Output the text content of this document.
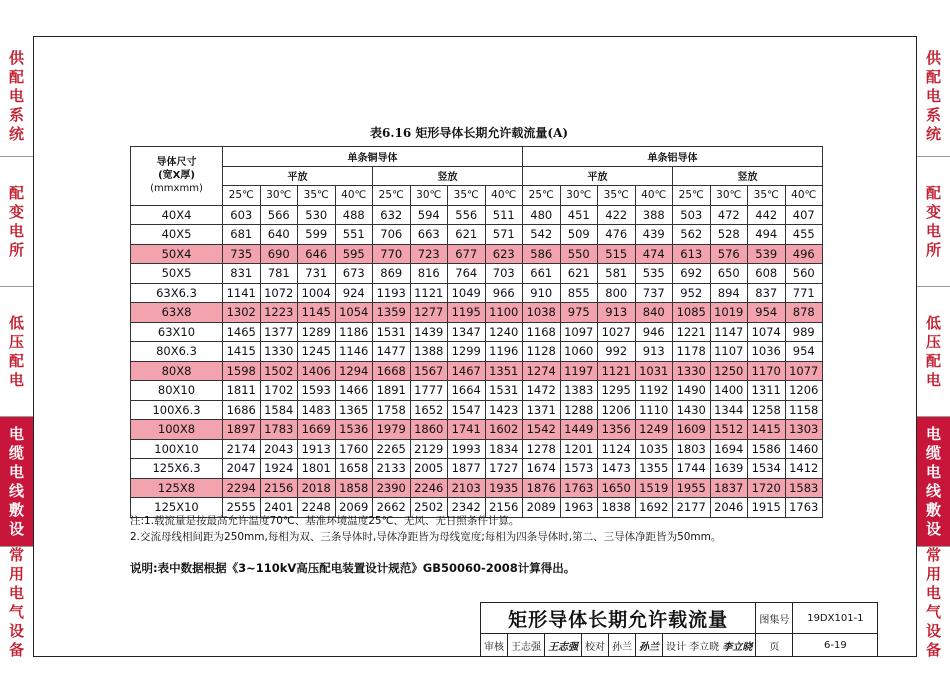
供
配
电
系
统
配
变
电
所
低
压
配
电
电
缆
电
线
敷
设
常
用
电
气
设
备
供
配
电
系
统
配
变
电
所
低
压
配
电
电
缆
电
线
敷
设
常
用
电
气
设
备
表6.16 矩形导体长期允许载流量(A)
导体尺寸
(宽X厚)
(mmxmm)	单条铜导体								单条铝导体							
	平放				竖放				平放				竖放			
	25℃	30℃	35℃	40℃	25℃	30℃	35℃	40℃	25℃	30℃	35℃	40℃	25℃	30℃	35℃	40℃
40X4	603	566	530	488	632	594	556	511	480	451	422	388	503	472	442	407
40X5	681	640	599	551	706	663	621	571	542	509	476	439	562	528	494	455
50X4	735	690	646	595	770	723	677	623	586	550	515	474	613	576	539	496
50X5	831	781	731	673	869	816	764	703	661	621	581	535	692	650	608	560
63X6.3	1141	1072	1004	924	1193	1121	1049	966	910	855	800	737	952	894	837	771
63X8	1302	1223	1145	1054	1359	1277	1195	1100	1038	975	913	840	1085	1019	954	878
63X10	1465	1377	1289	1186	1531	1439	1347	1240	1168	1097	1027	946	1221	1147	1074	989
80X6.3	1415	1330	1245	1146	1477	1388	1299	1196	1128	1060	992	913	1178	1107	1036	954
80X8	1598	1502	1406	1294	1668	1567	1467	1351	1274	1197	1121	1031	1330	1250	1170	1077
80X10	1811	1702	1593	1466	1891	1777	1664	1531	1472	1383	1295	1192	1490	1400	1311	1206
100X6.3	1686	1584	1483	1365	1758	1652	1547	1423	1371	1288	1206	1110	1430	1344	1258	1158
100X8	1897	1783	1669	1536	1979	1860	1741	1602	1542	1449	1356	1249	1609	1512	1415	1303
100X10	2174	2043	1913	1760	2265	2129	1993	1834	1278	1201	1124	1035	1803	1694	1586	1460
125X6.3	2047	1924	1801	1658	2133	2005	1877	1727	1674	1573	1473	1355	1744	1639	1534	1412
125X8	2294	2156	2018	1858	2390	2246	2103	1935	1876	1763	1650	1519	1955	1837	1720	1583
125X10	2555	2401	2248	2069	2662	2502	2342	2156	2089	1963	1838	1692	2177	2046	1915	1763
注:1.载流量是按最高允许温度70℃、基准环境温度25℃、无风、无日照条件计算。
2.交流母线相间距为250mm,每相为双、三条导体时,导体净距皆为母线宽度;每相为四条导体时,第二、三导体净距皆为50mm。
说明:表中数据根据《3~110kV高压配电装置设计规范》GB50060-2008计算得出。
矩形导体长期允许载流量							图集号	19DX101-1
审核	王志强	王志强	校对	孙兰	孙兰	设计 李立晓 李立晓	页	6-19
